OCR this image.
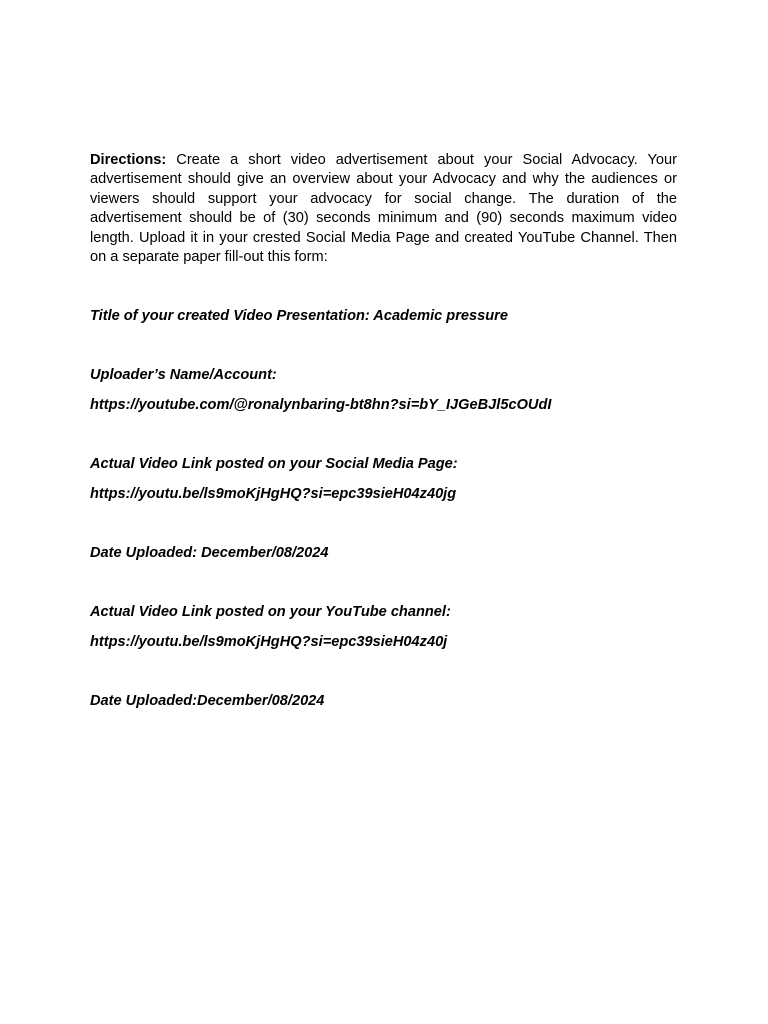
Directions: Create a short video advertisement about your Social Advocacy. Your advertisement should give an overview about your Advocacy and why the audiences or viewers should support your advocacy for social change. The duration of the advertisement should be of (30) seconds minimum and (90) seconds maximum video length. Upload it in your crested Social Media Page and created YouTube Channel. Then on a separate paper fill-out this form:

Title of your created Video Presentation: Academic pressure

Uploader’s Name/Account:

https://youtube.com/@ronalynbaring-bt8hn?si=bY_IJGeBJl5cOUdI

Actual Video Link posted on your Social Media Page:

https://youtu.be/ls9moKjHgHQ?si=epc39sieH04z40jg

Date Uploaded: December/08/2024

Actual Video Link posted on your YouTube channel:

https://youtu.be/ls9moKjHgHQ?si=epc39sieH04z40j

Date Uploaded:December/08/2024
